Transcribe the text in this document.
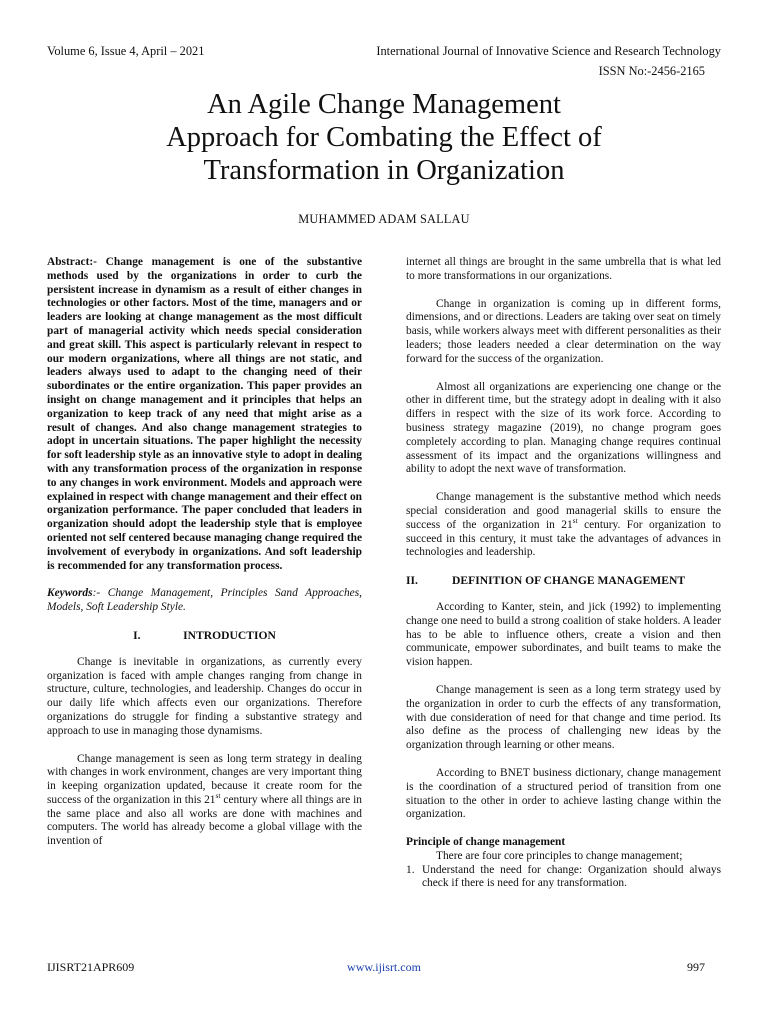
Volume 6, Issue 4, April – 2021	International Journal of Innovative Science and Research Technology
ISSN No:-2456-2165
An Agile Change Management
Approach for Combating the Effect of
Transformation in Organization
MUHAMMED ADAM SALLAU

Abstract:- Change management is one of the substantive methods used by the organizations in order to curb the persistent increase in dynamism as a result of either changes in technologies or other factors. Most of the time, managers and or leaders are looking at change management as the most difficult part of managerial activity which needs special consideration and great skill. This aspect is particularly relevant in respect to our modern organizations, where all things are not static, and leaders always used to adapt to the changing need of their subordinates or the entire organization. This paper provides an insight on change management and it principles that helps an organization to keep track of any need that might arise as a result of changes. And also change management strategies to adopt in uncertain situations. The paper highlight the necessity for soft leadership style as an innovative style to adopt in dealing with any transformation process of the organization in response to any changes in work environment. Models and approach were explained in respect with change management and their effect on organization performance. The paper concluded that leaders in organization should adopt the leadership style that is employee oriented not self centered because managing change required the involvement of everybody in organizations. And soft leadership is recommended for any transformation process.

Keywords:- Change Management, Principles Sand Approaches, Models, Soft Leadership Style.

I.	INTRODUCTION

Change is inevitable in organizations, as currently every organization is faced with ample changes ranging from change in structure, culture, technologies, and leadership. Changes do occur in our daily life which affects even our organizations. Therefore organizations do struggle for finding a substantive strategy and approach to use in managing those dynamisms.

Change management is seen as long term strategy in dealing with changes in work environment, changes are very important thing in keeping organization updated, because it create room for the success of the organization in this 21st century where all things are in the same place and also all works are done with machines and computers. The world has already become a global village with the invention of

internet all things are brought in the same umbrella that is what led to more transformations in our organizations.

Change in organization is coming up in different forms, dimensions, and or directions. Leaders are taking over seat on timely basis, while workers always meet with different personalities as their leaders; those leaders needed a clear determination on the way forward for the success of the organization.

Almost all organizations are experiencing one change or the other in different time, but the strategy adopt in dealing with it also differs in respect with the size of its work force. According to business strategy magazine (2019), no change program goes completely according to plan. Managing change requires continual assessment of its impact and the organizations willingness and ability to adopt the next wave of transformation.

Change management is the substantive method which needs special consideration and good managerial skills to ensure the success of the organization in 21st century. For organization to succeed in this century, it must take the advantages of advances in technologies and leadership.

II.	DEFINITION OF CHANGE MANAGEMENT

According to Kanter, stein, and jick (1992) to implementing change one need to build a strong coalition of stake holders. A leader has to be able to influence others, create a vision and then communicate, empower subordinates, and built teams to make the vision happen.

Change management is seen as a long term strategy used by the organization in order to curb the effects of any transformation, with due consideration of need for that change and time period. Its also define as the process of challenging new ideas by the organization through learning or other means.

According to BNET business dictionary, change management is the coordination of a structured period of transition from one situation to the other in order to achieve lasting change within the organization.

Principle of change management

There are four core principles to change management;

1. Understand the need for change: Organization should always check if there is need for any transformation.
IJISRT21APR609	www.ijisrt.com	997
